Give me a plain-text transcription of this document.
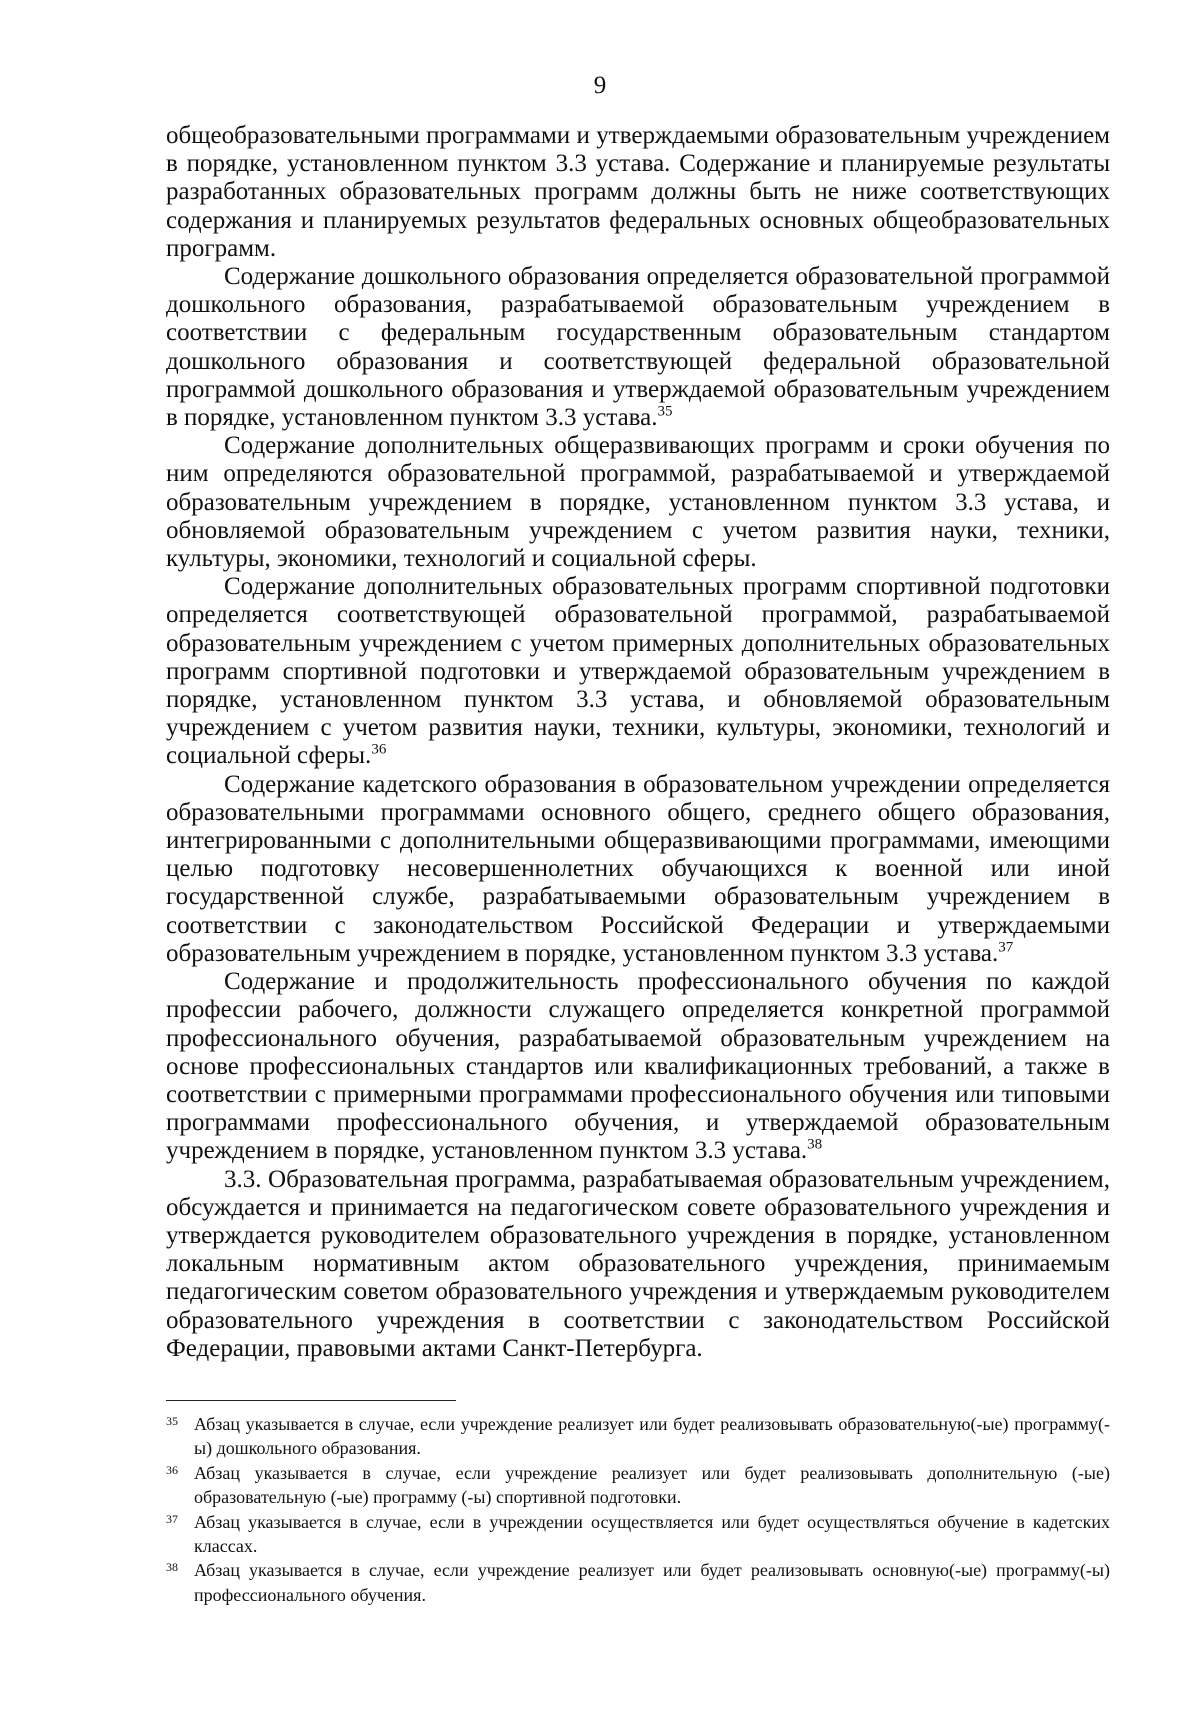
9

общеобразовательными программами и утверждаемыми образовательным учреждением в порядке, установленном пунктом 3.3 устава. Содержание и планируемые результаты разработанных образовательных программ должны быть не ниже соответствующих содержания и планируемых результатов федеральных основных общеобразовательных программ.

Содержание дошкольного образования определяется образовательной программой дошкольного образования, разрабатываемой образовательным учреждением в соответствии с федеральным государственным образовательным стандартом дошкольного образования и соответствующей федеральной образовательной программой дошкольного образования и утверждаемой образовательным учреждением в порядке, установленном пунктом 3.3 устава.$^{35}$

Содержание дополнительных общеразвивающих программ и сроки обучения по ним определяются образовательной программой, разрабатываемой и утверждаемой образовательным учреждением в порядке, установленном пунктом 3.3 устава, и обновляемой образовательным учреждением с учетом развития науки, техники, культуры, экономики, технологий и социальной сферы.

Содержание дополнительных образовательных программ спортивной подготовки определяется соответствующей образовательной программой, разрабатываемой образовательным учреждением с учетом примерных дополнительных образовательных программ спортивной подготовки и утверждаемой образовательным учреждением в порядке, установленном пунктом 3.3 устава, и обновляемой образовательным учреждением с учетом развития науки, техники, культуры, экономики, технологий и социальной сферы.$^{36}$

Содержание кадетского образования в образовательном учреждении определяется образовательными программами основного общего, среднего общего образования, интегрированными с дополнительными общеразвивающими программами, имеющими целью подготовку несовершеннолетних обучающихся к военной или иной государственной службе, разрабатываемыми образовательным учреждением в соответствии с законодательством Российской Федерации и утверждаемыми образовательным учреждением в порядке, установленном пунктом 3.3 устава.$^{37}$

Содержание и продолжительность профессионального обучения по каждой профессии рабочего, должности служащего определяется конкретной программой профессионального обучения, разрабатываемой образовательным учреждением на основе профессиональных стандартов или квалификационных требований, а также в соответствии с примерными программами профессионального обучения или типовыми программами профессионального обучения, и утверждаемой образовательным учреждением в порядке, установленном пунктом 3.3 устава.$^{38}$

3.3. Образовательная программа, разрабатываемая образовательным учреждением, обсуждается и принимается на педагогическом совете образовательного учреждения и утверждается руководителем образовательного учреждения в порядке, установленном локальным нормативным актом образовательного учреждения, принимаемым педагогическим советом образовательного учреждения и утверждаемым руководителем образовательного учреждения в соответствии с законодательством Российской Федерации, правовыми актами Санкт-Петербурга.

35 Абзац указывается в случае, если учреждение реализует или будет реализовывать образовательную(-ые) программу(-ы) дошкольного образования.
36 Абзац указывается в случае, если учреждение реализует или будет реализовывать дополнительную (-ые) образовательную (-ые) программу (-ы) спортивной подготовки.
37 Абзац указывается в случае, если в учреждении осуществляется или будет осуществляться обучение в кадетских классах.
38 Абзац указывается в случае, если учреждение реализует или будет реализовывать основную(-ые) программу(-ы) профессионального обучения.
